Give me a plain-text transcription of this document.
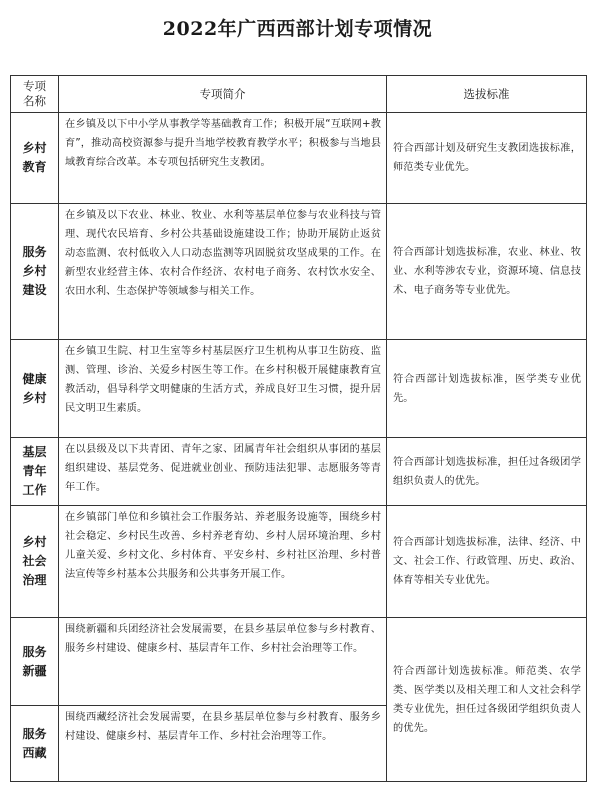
2022年广西西部计划专项情况
专项名称	专项简介	选拔标准

乡村教育	在乡镇及以下中小学从事教学等基础教育工作；积极开展“互联网+教育”，推动高校资源参与提升当地学校教育教学水平；积极参与当地县域教育综合改革。本专项包括研究生支教团。	符合西部计划及研究生支教团选拔标准，师范类专业优先。

服务乡村建设	在乡镇及以下农业、林业、牧业、水利等基层单位参与农业科技与管理、现代农民培育、乡村公共基础设施建设工作；协助开展防止返贫动态监测、农村低收入人口动态监测等巩固脱贫攻坚成果的工作。在新型农业经营主体、农村合作经济、农村电子商务、农村饮水安全、农田水利、生态保护等领域参与相关工作。	符合西部计划选拔标准，农业、林业、牧业、水利等涉农专业，资源环境、信息技术、电子商务等专业优先。

健康乡村	在乡镇卫生院、村卫生室等乡村基层医疗卫生机构从事卫生防疫、监测、管理、诊治、关爱乡村医生等工作。在乡村积极开展健康教育宣教活动，倡导科学文明健康的生活方式，养成良好卫生习惯，提升居民文明卫生素质。	符合西部计划选拔标准，医学类专业优先。

基层青年工作	在以县级及以下共青团、青年之家、团属青年社会组织从事团的基层组织建设、基层党务、促进就业创业、预防违法犯罪、志愿服务等青年工作。	符合西部计划选拔标准，担任过各级团学组织负责人的优先。

乡村社会治理	在乡镇部门单位和乡镇社会工作服务站、养老服务设施等，围绕乡村社会稳定、乡村民生改善、乡村养老育幼、乡村人居环境治理、乡村儿童关爱、乡村文化、乡村体育、平安乡村、乡村社区治理、乡村普法宣传等乡村基本公共服务和公共事务开展工作。	符合西部计划选拔标准，法律、经济、中文、社会工作、行政管理、历史、政治、体育等相关专业优先。

服务新疆	围绕新疆和兵团经济社会发展需要，在县乡基层单位参与乡村教育、服务乡村建设、健康乡村、基层青年工作、乡村社会治理等工作。	符合西部计划选拔标准。师范类、农学类、医学类以及相关理工和人文社会科学类专业优先，担任过各级团学组织负责人的优先。

服务西藏	围绕西藏经济社会发展需要，在县乡基层单位参与乡村教育、服务乡村建设、健康乡村、基层青年工作、乡村社会治理等工作。	
